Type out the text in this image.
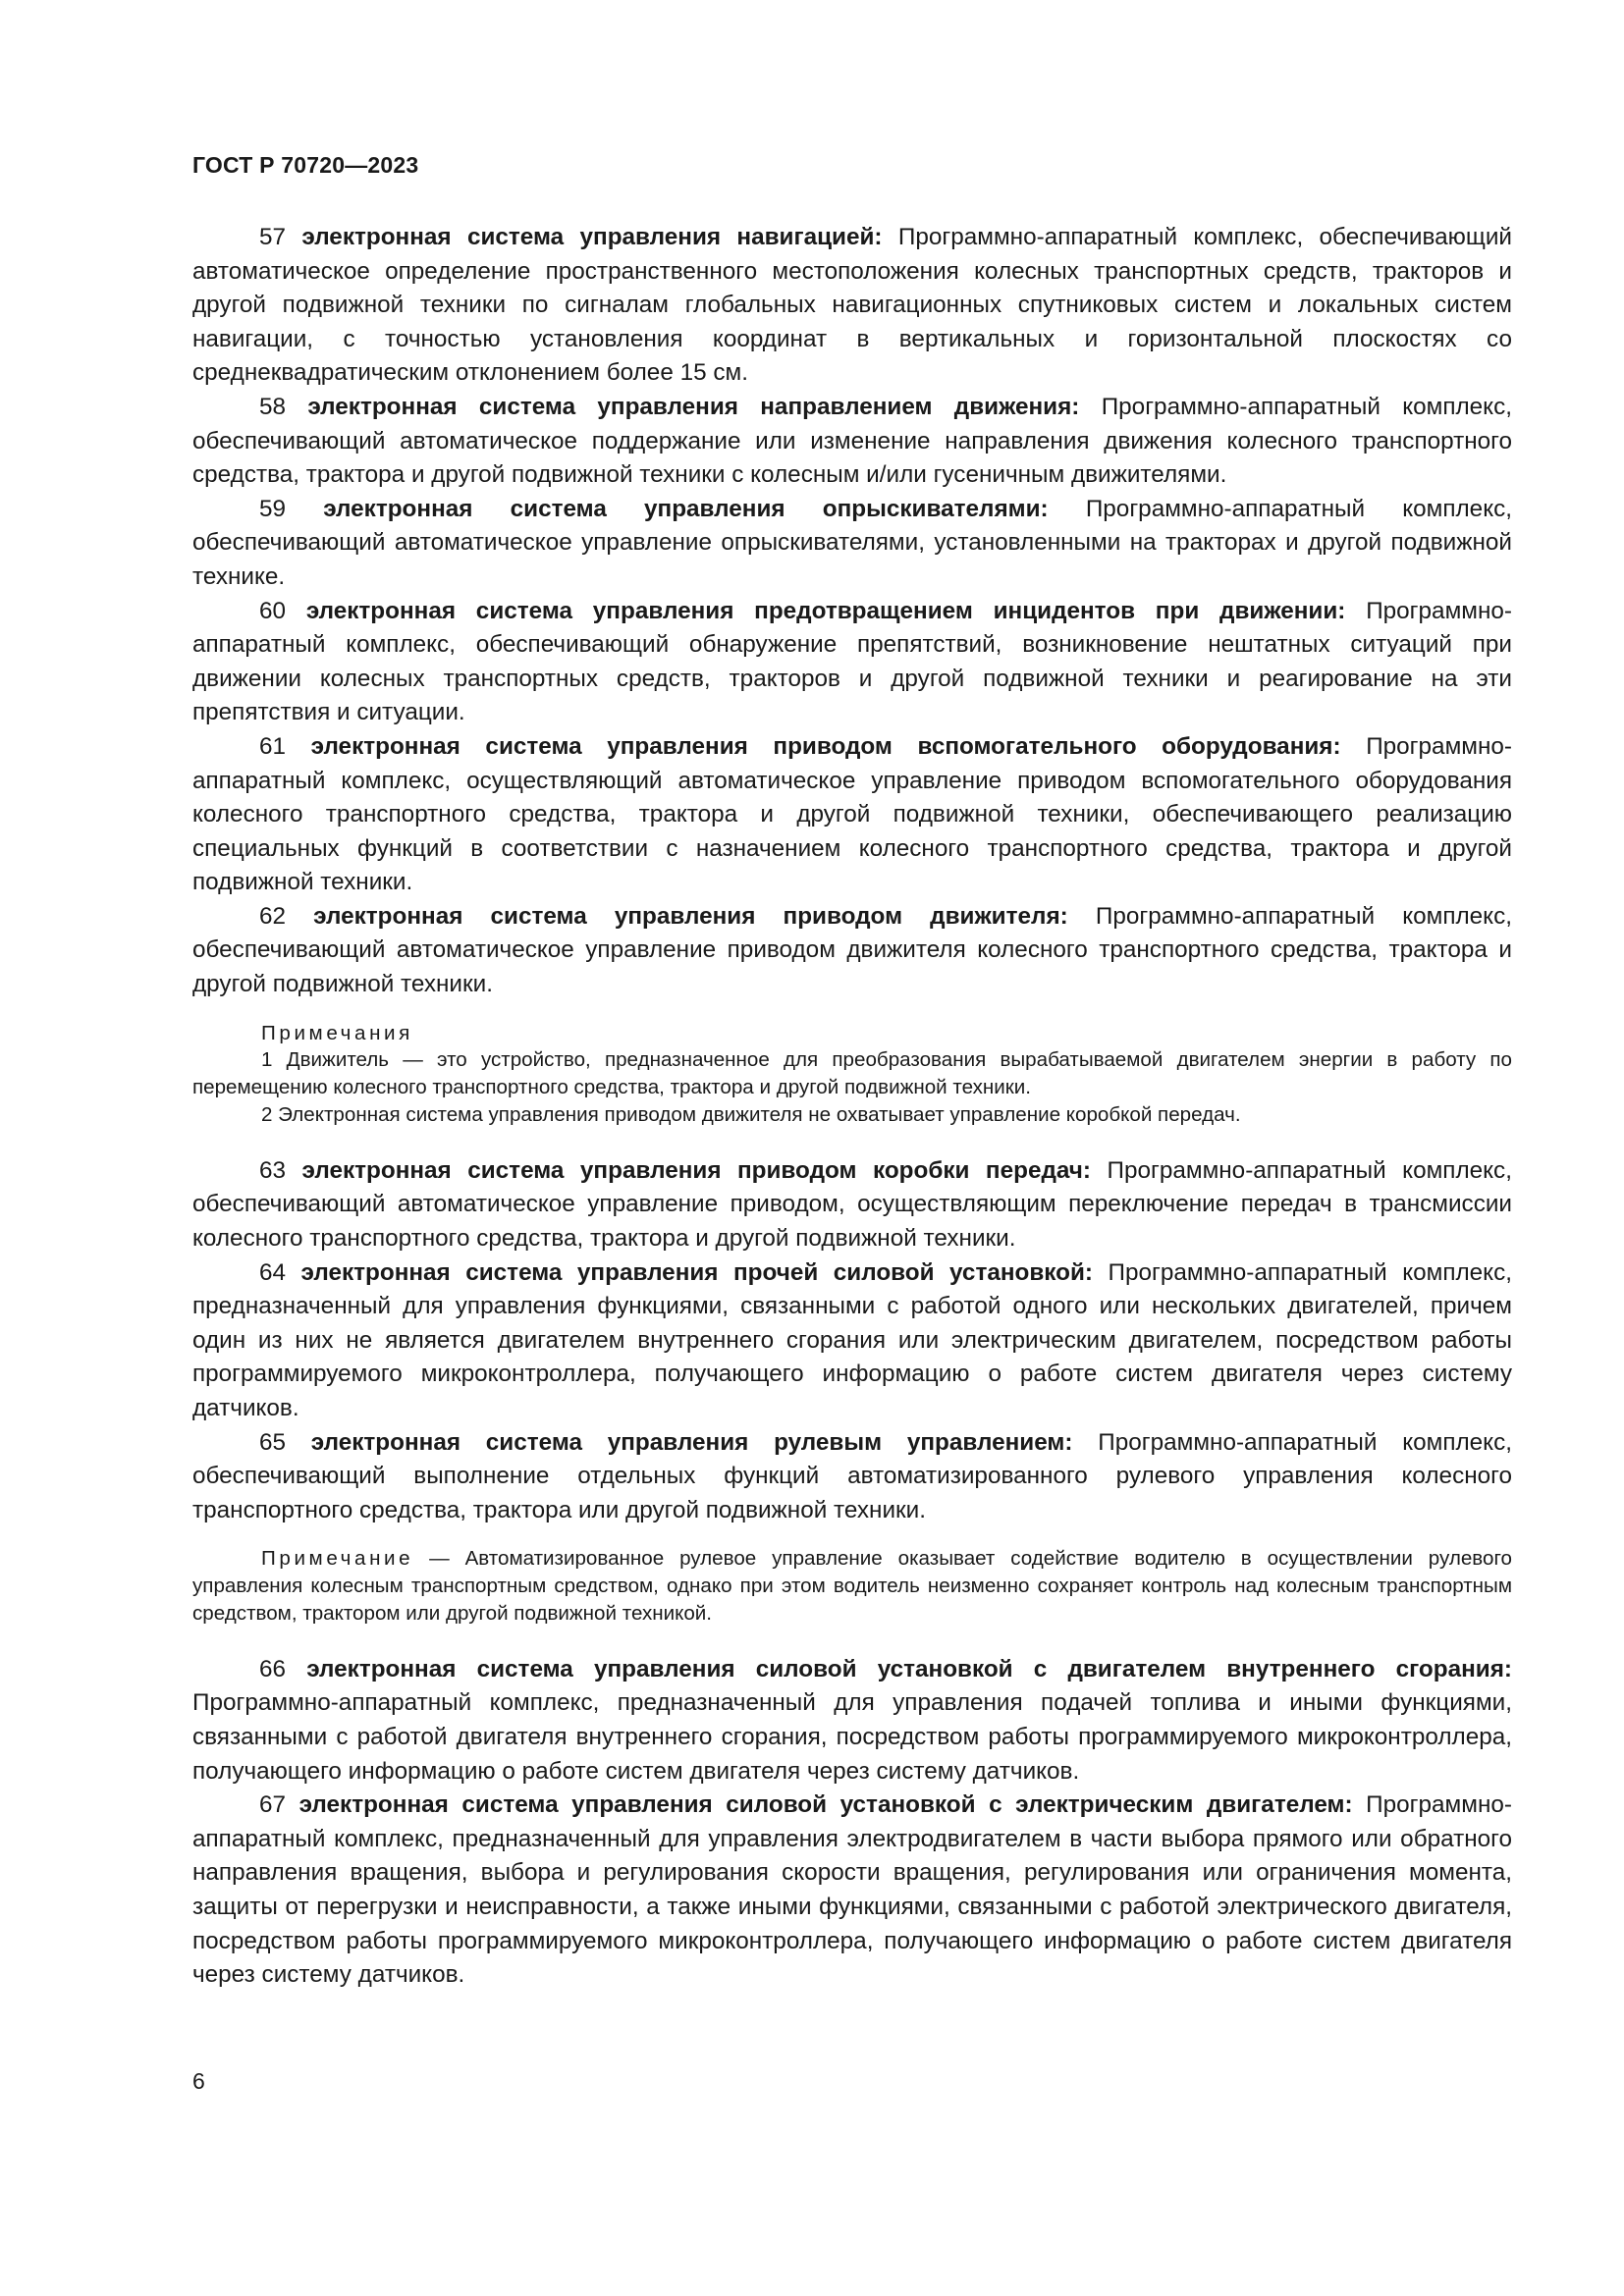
ГОСТ Р 70720—2023

57 электронная система управления навигацией: Программно-аппаратный комплекс, обеспечивающий автоматическое определение пространственного местоположения колесных транспортных средств, тракторов и другой подвижной техники по сигналам глобальных навигационных спутниковых систем и локальных систем навигации, с точностью установления координат в вертикальных и горизонтальной плоскостях со среднеквадратическим отклонением более 15 см.

58 электронная система управления направлением движения: Программно-аппаратный комплекс, обеспечивающий автоматическое поддержание или изменение направления движения колесного транспортного средства, трактора и другой подвижной техники с колесным и/или гусеничным движителями.

59 электронная система управления опрыскивателями: Программно-аппаратный комплекс, обеспечивающий автоматическое управление опрыскивателями, установленными на тракторах и другой подвижной технике.

60 электронная система управления предотвращением инцидентов при движении: Программно-аппаратный комплекс, обеспечивающий обнаружение препятствий, возникновение нештатных ситуаций при движении колесных транспортных средств, тракторов и другой подвижной техники и реагирование на эти препятствия и ситуации.

61 электронная система управления приводом вспомогательного оборудования: Программно-аппаратный комплекс, осуществляющий автоматическое управление приводом вспомогательного оборудования колесного транспортного средства, трактора и другой подвижной техники, обеспечивающего реализацию специальных функций в соответствии с назначением колесного транспортного средства, трактора и другой подвижной техники.

62 электронная система управления приводом движителя: Программно-аппаратный комплекс, обеспечивающий автоматическое управление приводом движителя колесного транспортного средства, трактора и другой подвижной техники.

Примечания

1 Движитель — это устройство, предназначенное для преобразования вырабатываемой двигателем энергии в работу по перемещению колесного транспортного средства, трактора и другой подвижной техники.

2 Электронная система управления приводом движителя не охватывает управление коробкой передач.

63 электронная система управления приводом коробки передач: Программно-аппаратный комплекс, обеспечивающий автоматическое управление приводом, осуществляющим переключение передач в трансмиссии колесного транспортного средства, трактора и другой подвижной техники.

64 электронная система управления прочей силовой установкой: Программно-аппаратный комплекс, предназначенный для управления функциями, связанными с работой одного или нескольких двигателей, причем один из них не является двигателем внутреннего сгорания или электрическим двигателем, посредством работы программируемого микроконтроллера, получающего информацию о работе систем двигателя через систему датчиков.

65 электронная система управления рулевым управлением: Программно-аппаратный комплекс, обеспечивающий выполнение отдельных функций автоматизированного рулевого управления колесного транспортного средства, трактора или другой подвижной техники.

Примечание — Автоматизированное рулевое управление оказывает содействие водителю в осуществлении рулевого управления колесным транспортным средством, однако при этом водитель неизменно сохраняет контроль над колесным транспортным средством, трактором или другой подвижной техникой.

66 электронная система управления силовой установкой с двигателем внутреннего сгорания: Программно-аппаратный комплекс, предназначенный для управления подачей топлива и иными функциями, связанными с работой двигателя внутреннего сгорания, посредством работы программируемого микроконтроллера, получающего информацию о работе систем двигателя через систему датчиков.

67 электронная система управления силовой установкой с электрическим двигателем: Программно-аппаратный комплекс, предназначенный для управления электродвигателем в части выбора прямого или обратного направления вращения, выбора и регулирования скорости вращения, регулирования или ограничения момента, защиты от перегрузки и неисправности, а также иными функциями, связанными с работой электрического двигателя, посредством работы программируемого микроконтроллера, получающего информацию о работе систем двигателя через систему датчиков.

6
